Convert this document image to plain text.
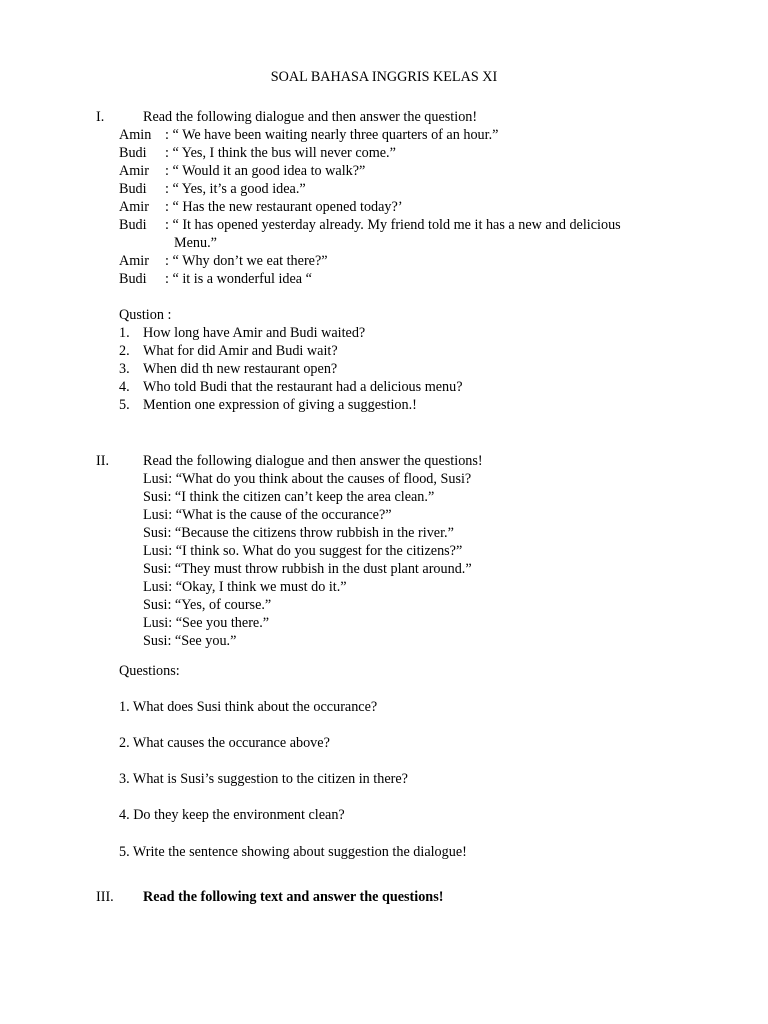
SOAL BAHASA INGGRIS KELAS XI
I.	Read the following dialogue and then answer the question!
Amin : “ We have been waiting nearly three quarters of an hour.”
Budi : “ Yes, I think the bus will never come.”
Amir : “ Would it an good idea to walk?”
Budi : “ Yes, it’s a good idea.”
Amir : “ Has the new restaurant opened today?’
Budi : “ It has opened yesterday already. My friend told me it has a new and delicious
Menu.”
Amir : “ Why don’t we eat there?”
Budi : “ it is a wonderful idea “
Qustion :
1. How long have Amir and Budi waited?
2. What for did Amir and Budi wait?
3. When did th new restaurant open?
4. Who told Budi that the restaurant had a delicious menu?
5. Mention one expression of giving a suggestion.!
II. Read the following dialogue and then answer the questions!
Lusi: “What do you think about the causes of flood, Susi?
Susi: “I think the citizen can’t keep the area clean.”
Lusi: “What is the cause of the occurance?”
Susi: “Because the citizens throw rubbish in the river.”
Lusi: “I think so. What do you suggest for the citizens?”
Susi: “They must throw rubbish in the dust plant around.”
Lusi: “Okay, I think we must do it.”
Susi: “Yes, of course.”
Lusi: “See you there.”
Susi: “See you.”
Questions:
1. What does Susi think about the occurance?
2. What causes the occurance above?
3. What is Susi’s suggestion to the citizen in there?
4. Do they keep the environment clean?
5. Write the sentence showing about suggestion the dialogue!
III. Read the following text and answer the questions!
